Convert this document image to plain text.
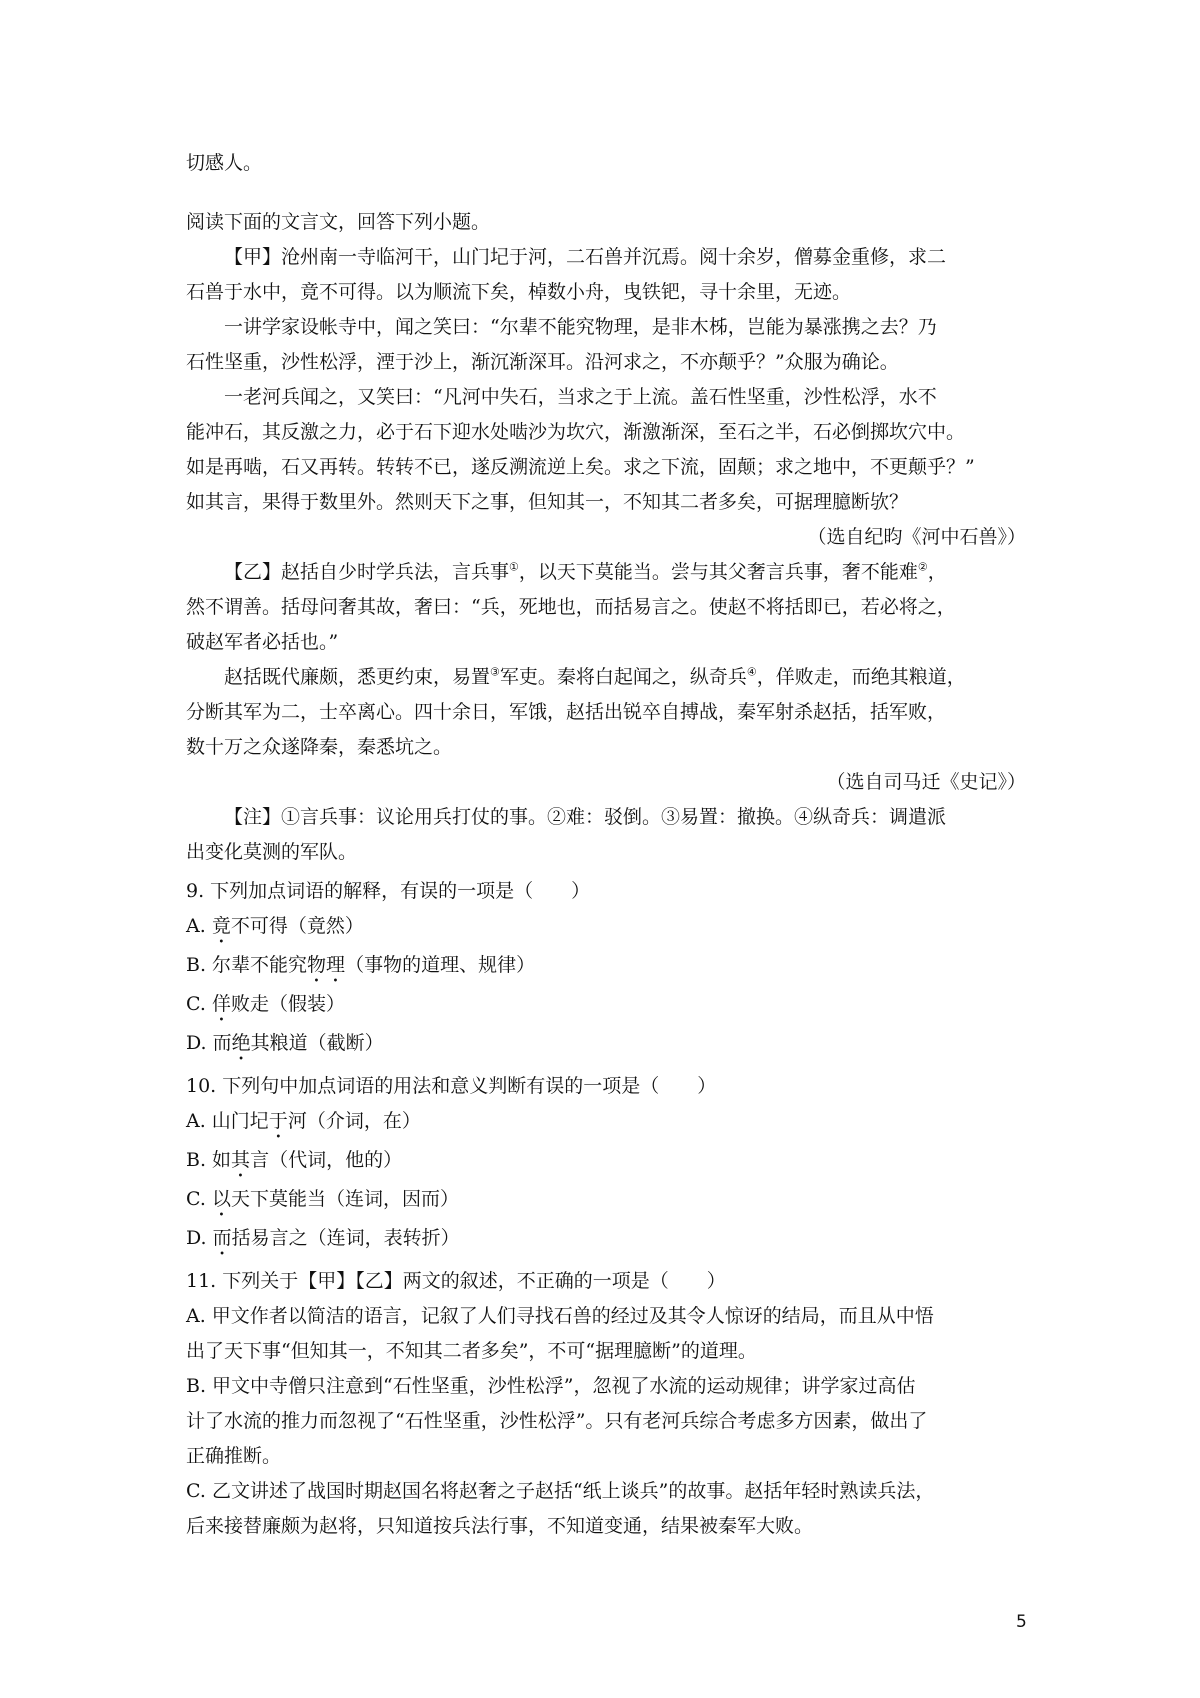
切感人。
阅读下面的文言文，回答下列小题。
【甲】沧州南一寺临河干，山门圮于河，二石兽并沉焉。阅十余岁，僧募金重修，求二
石兽于水中，竟不可得。以为顺流下矣，棹数小舟，曳铁钯，寻十余里，无迹。
一讲学家设帐寺中，闻之笑曰：“尔辈不能究物理，是非木柹，岂能为暴涨携之去？乃
石性坚重，沙性松浮，湮于沙上，渐沉渐深耳。沿河求之，不亦颠乎？”众服为确论。
一老河兵闻之，又笑曰：“凡河中失石，当求之于上流。盖石性坚重，沙性松浮，水不
能冲石，其反激之力，必于石下迎水处啮沙为坎穴，渐激渐深，至石之半，石必倒掷坎穴中。
如是再啮，石又再转。转转不已，遂反溯流逆上矣。求之下流，固颠；求之地中，不更颠乎？”
如其言，果得于数里外。然则天下之事，但知其一，不知其二者多矣，可据理臆断欤？
（选自纪昀《河中石兽》）
【乙】赵括自少时学兵法，言兵事①，以天下莫能当。尝与其父奢言兵事，奢不能难②，
然不谓善。括母问奢其故，奢曰：“兵，死地也，而括易言之。使赵不将括即已，若必将之，
破赵军者必括也。”
赵括既代廉颇，悉更约束，易置③军吏。秦将白起闻之，纵奇兵④，佯败走，而绝其粮道，
分断其军为二，士卒离心。四十余日，军饿，赵括出锐卒自搏战，秦军射杀赵括，括军败，
数十万之众遂降秦，秦悉坑之。
（选自司马迁《史记》）
【注】①言兵事：议论用兵打仗的事。②难：驳倒。③易置：撤换。④纵奇兵：调遣派
出变化莫测的军队。
9. 下列加点词语的解释，有误的一项是（　　）
A. 竟不可得（竟然）
B. 尔辈不能究物理（事物的道理、规律）
C. 佯败走（假装）
D. 而绝其粮道（截断）
10. 下列句中加点词语的用法和意义判断有误的一项是（　　）
A. 山门圮于河（介词，在）
B. 如其言（代词，他的）
C. 以天下莫能当（连词，因而）
D. 而括易言之（连词，表转折）
11. 下列关于【甲】【乙】两文的叙述，不正确的一项是（　　）
A. 甲文作者以简洁的语言，记叙了人们寻找石兽的经过及其令人惊讶的结局，而且从中悟
出了天下事“但知其一，不知其二者多矣”，不可“据理臆断”的道理。
B. 甲文中寺僧只注意到“石性坚重，沙性松浮”，忽视了水流的运动规律；讲学家过高估
计了水流的推力而忽视了“石性坚重，沙性松浮”。只有老河兵综合考虑多方因素，做出了
正确推断。
C. 乙文讲述了战国时期赵国名将赵奢之子赵括“纸上谈兵”的故事。赵括年轻时熟读兵法，
后来接替廉颇为赵将，只知道按兵法行事，不知道变通，结果被秦军大败。
5
